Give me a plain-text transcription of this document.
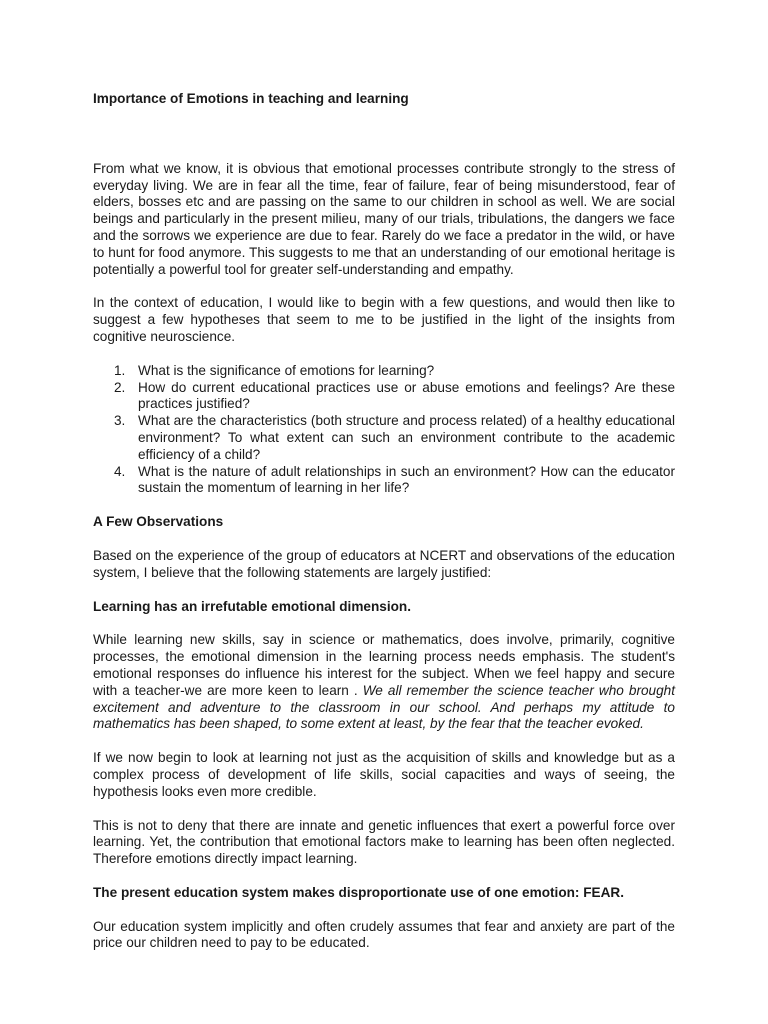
Importance of Emotions in teaching and learning

From what we know, it is obvious that emotional processes contribute strongly to the stress of everyday living. We are in fear all the time, fear of failure, fear of being misunderstood, fear of elders, bosses etc and are passing on the same to our children in school as well. We are social beings and particularly in the present milieu, many of our trials, tribulations, the dangers we face and the sorrows we experience are due to fear. Rarely do we face a predator in the wild, or have to hunt for food anymore. This suggests to me that an understanding of our emotional heritage is potentially a powerful tool for greater self-understanding and empathy.

In the context of education, I would like to begin with a few questions, and would then like to suggest a few hypotheses that seem to me to be justified in the light of the insights from cognitive neuroscience.

1. What is the significance of emotions for learning?
2. How do current educational practices use or abuse emotions and feelings? Are these practices justified?
3. What are the characteristics (both structure and process related) of a healthy educational environment? To what extent can such an environment contribute to the academic efficiency of a child?
4. What is the nature of adult relationships in such an environment? How can the educator sustain the momentum of learning in her life?

A Few Observations

Based on the experience of the group of educators at NCERT and observations of the education system, I believe that the following statements are largely justified:

Learning has an irrefutable emotional dimension.

While learning new skills, say in science or mathematics, does involve, primarily, cognitive processes, the emotional dimension in the learning process needs emphasis. The student's emotional responses do influence his interest for the subject. When we feel happy and secure with a teacher-we are more keen to learn . We all remember the science teacher who brought excitement and adventure to the classroom in our school. And perhaps my attitude to mathematics has been shaped, to some extent at least, by the fear that the teacher evoked.

If we now begin to look at learning not just as the acquisition of skills and knowledge but as a complex process of development of life skills, social capacities and ways of seeing, the hypothesis looks even more credible.

This is not to deny that there are innate and genetic influences that exert a powerful force over learning. Yet, the contribution that emotional factors make to learning has been often neglected. Therefore emotions directly impact learning.

The present education system makes disproportionate use of one emotion: FEAR.

Our education system implicitly and often crudely assumes that fear and anxiety are part of the price our children need to pay to be educated.
